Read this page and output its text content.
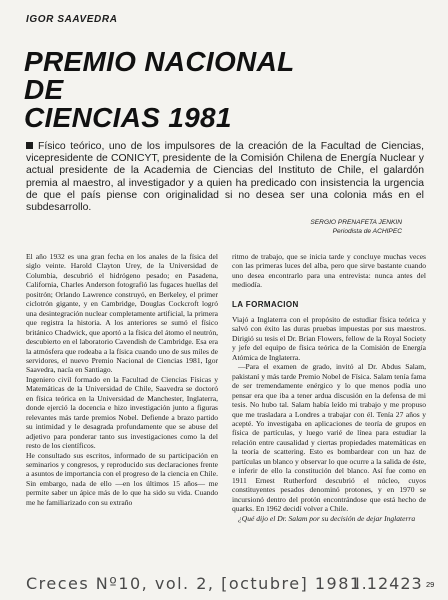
IGOR SAAVEDRA

PREMIO NACIONAL
DE
CIENCIAS 1981

Físico teórico, uno de los impulsores de la creación de la Facultad de Ciencias, vicepresidente de CONICYT, presidente de la Comisión Chilena de Energía Nuclear y actual presidente de la Academia de Ciencias del Instituto de Chile, el galardón premia al maestro, al investigador y a quien ha predicado con insistencia la urgencia de que el país piense con originalidad si no desea ser una colonia más en el subdesarrollo.

SERGIO PRENAFETA JENKIN
Periodista de ACHIPEC

El año 1932 es una gran fecha en los anales de la física del siglo veinte. Harold Clayton Urey, de la Universidad de Columbia, descubrió el hidrógeno pesado; en Pasadena, California, Charles Anderson fotografió las fugaces huellas del positrón; Orlando Lawrence construyó, en Berkeley, el primer ciclotrón gigante, y en Cambridge, Douglas Cockcroft logró una desintegración nuclear completamente artificial, la primera que registra la historia. A los anteriores se sumó el físico británico Chadwick, que aportó a la física del átomo el neutrón, descubierto en el laboratorio Cavendish de Cambridge. Esa era la atmósfera que rodeaba a la física cuando uno de sus miles de servidores, el nuevo Premio Nacional de Ciencias 1981, Igor Saavedra, nacía en Santiago.

Ingeniero civil formado en la Facultad de Ciencias Físicas y Matemáticas de la Universidad de Chile, Saavedra se doctoró en física teórica en la Universidad de Manchester, Inglaterra, donde ejerció la docencia e hizo investigación junto a figuras relevantes más tarde premios Nobel. Defiende a brazo partido su intimidad y le desagrada profundamente que se abuse del adjetivo para ponderar tanto sus investigaciones como la del resto de los científicos.

He consultado sus escritos, informado de su participación en seminarios y congresos, y reproducido sus declaraciones frente a asuntos de importancia con el progreso de la ciencia en Chile. Sin embargo, nada de ello —en los últimos 15 años— me permite saber un ápice más de lo que ha sido su vida. Cuando me he familiarizado con su extraño

ritmo de trabajo, que se inicia tarde y concluye muchas veces con las primeras luces del alba, pero que sirve bastante cuando uno desea encontrarlo para una entrevista: nunca antes del mediodía.

LA FORMACION

Viajó a Inglaterra con el propósito de estudiar física teórica y salvó con éxito las duras pruebas impuestas por sus maestros. Dirigió su tesis el Dr. Brian Flowers, fellow de la Royal Society y jefe del equipo de física teórica de la Comisión de Energía Atómica de Inglaterra.

—Para el examen de grado, invitó al Dr. Abdus Salam, pakistaní y más tarde Premio Nobel de Física. Salam tenía fama de ser tremendamente enérgico y lo que menos podía uno pensar era que iba a tener ardua discusión en la defensa de mi tesis. No hubo tal. Salam había leído mi trabajo y me propuso que me trasladara a Londres a trabajar con él. Tenía 27 años y acepté. Yo investigaba en aplicaciones de teoría de grupos en física de partículas, y luego varié de línea para estudiar la relación entre causalidad y ciertas propiedades matemáticas en la teoría de scattering. Esto es bombardear con un haz de partículas un blanco y observar lo que ocurre a la salida de éste, e inferir de ello la constitución del blanco. Así fue como en 1911 Ernest Rutherford descubrió el núcleo, cuyos constituyentes pesados denominó protones, y en 1970 se incursionó dentro del protón encontrándose que está hecho de quarks. En 1962 decidí volver a Chile.

¿Qué dijo el Dr. Salam por su decisión de dejar Inglaterra

29

Creces Nº10, vol. 2, [octubre] 1981.

I 12423
